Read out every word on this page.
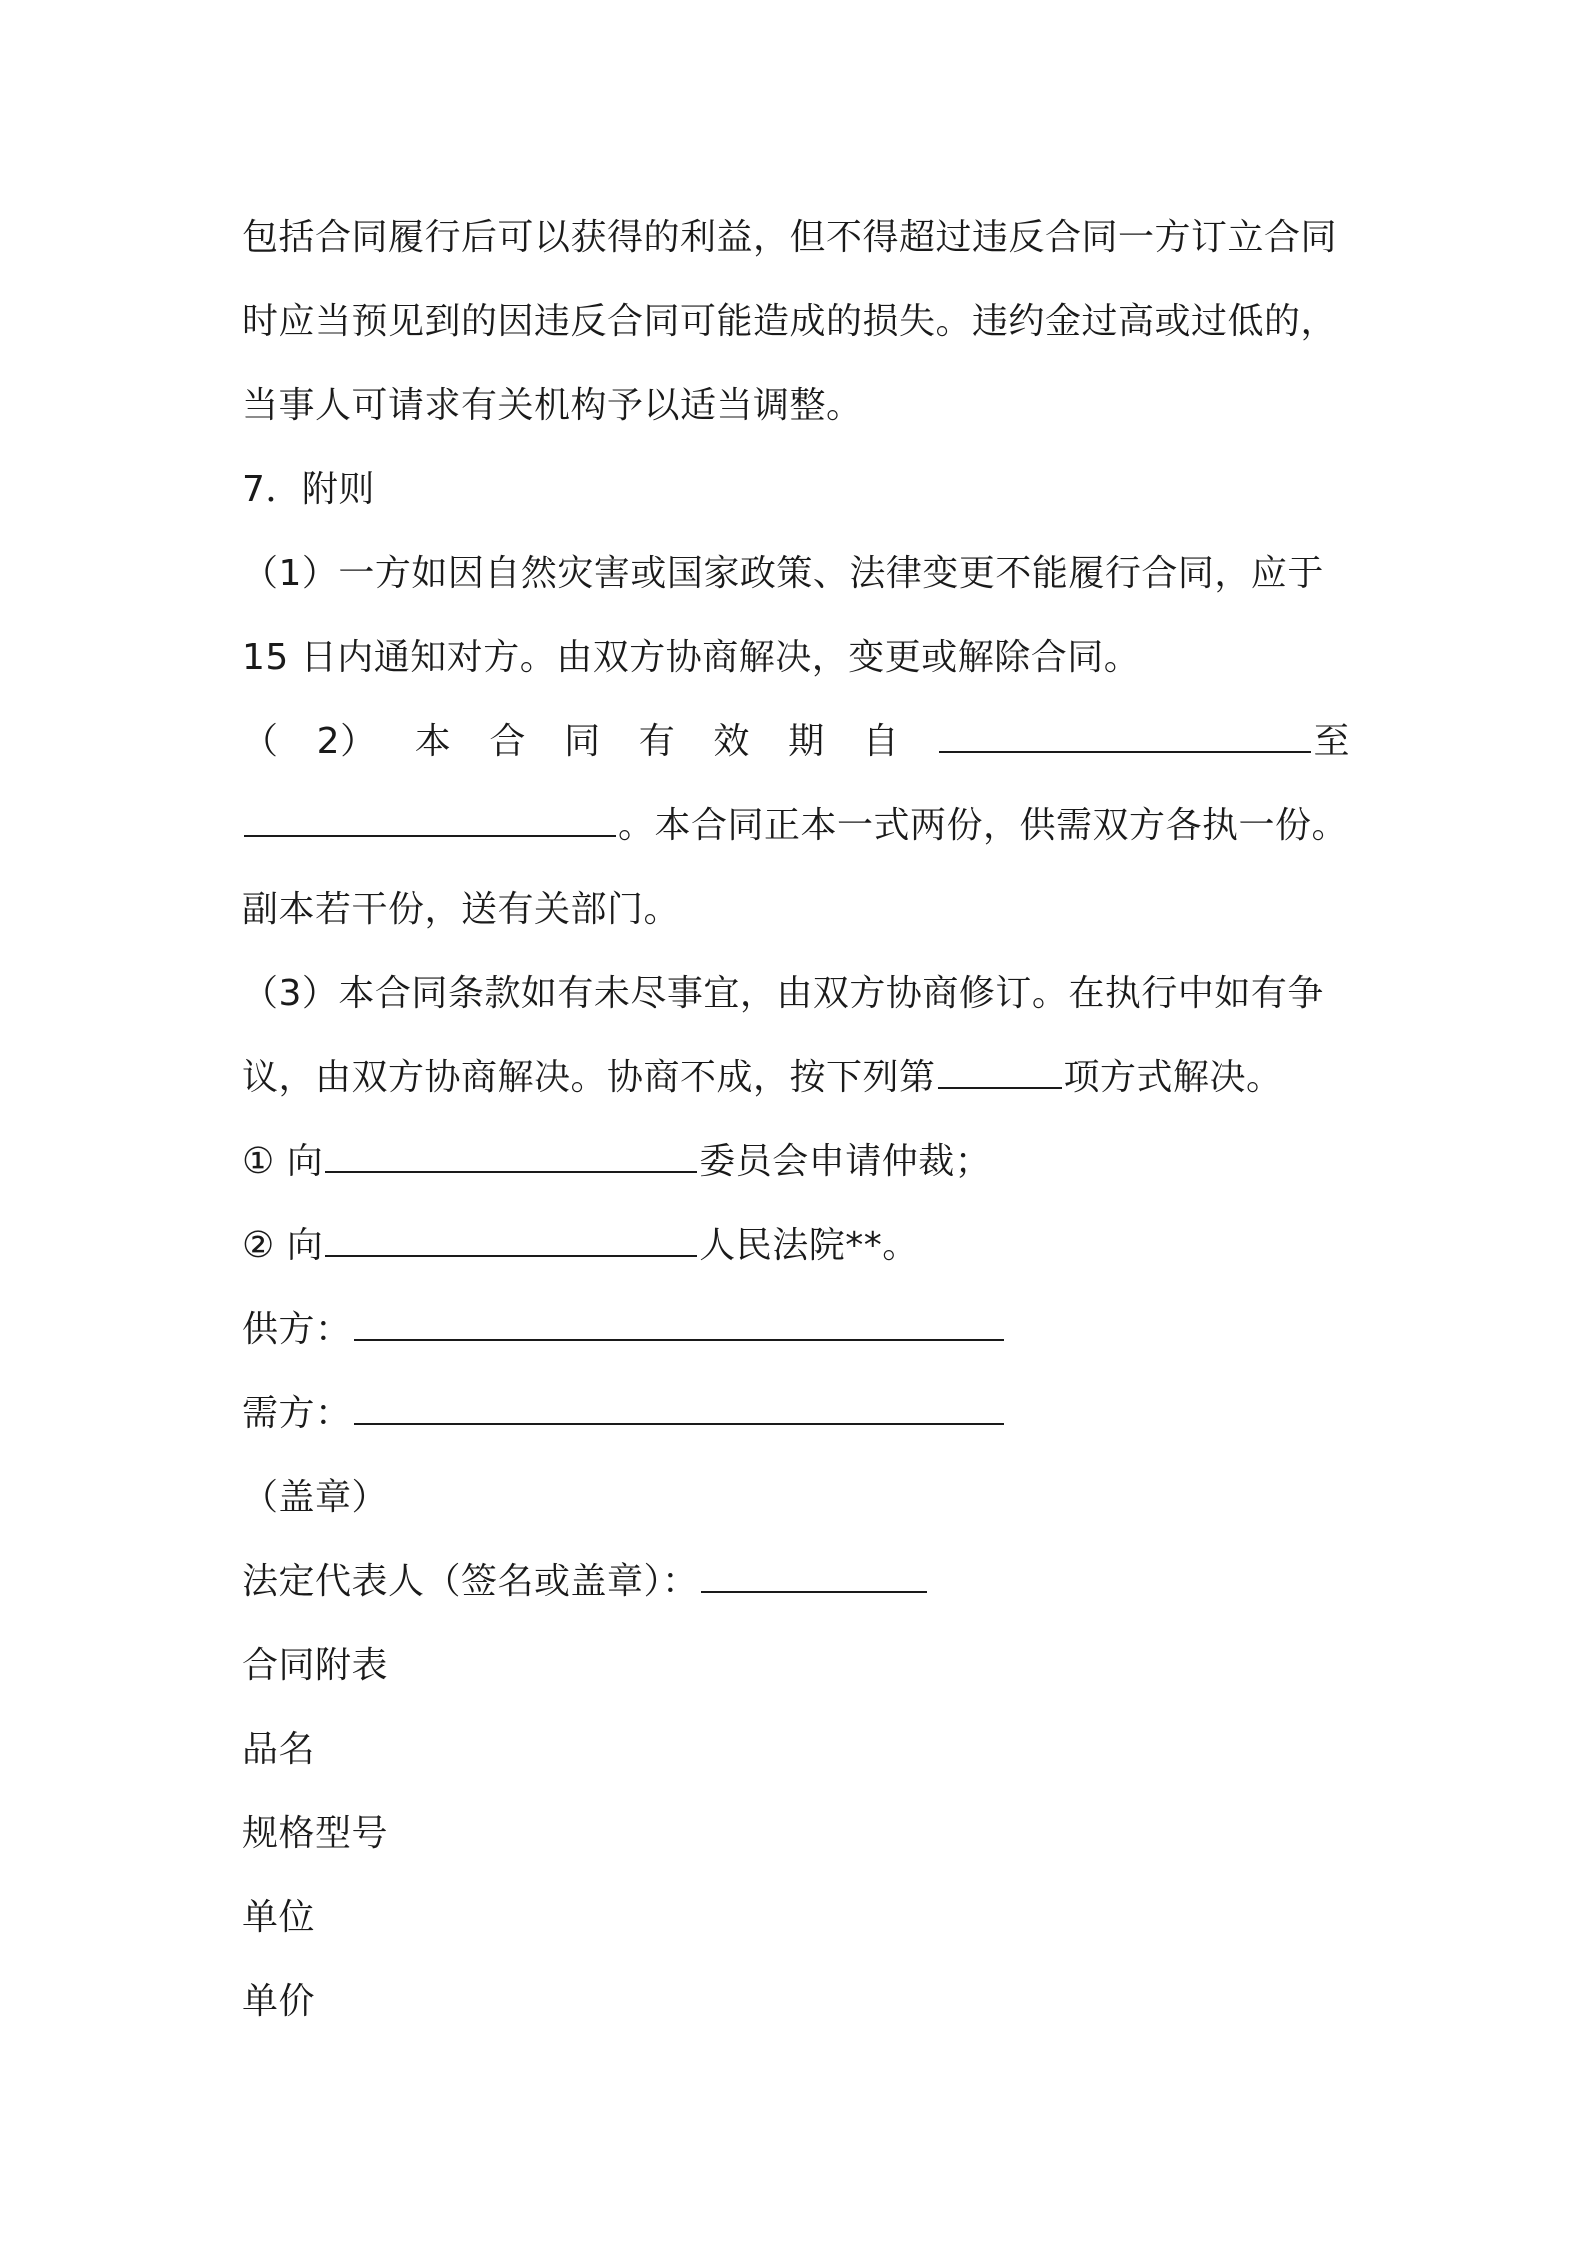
包括合同履行后可以获得的利益，但不得超过违反合同一方订立合同
时应当预见到的因违反合同可能造成的损失。违约金过高或过低的，
当事人可请求有关机构予以适当调整。
7．附则
（1）一方如因自然灾害或国家政策、法律变更不能履行合同，应于
15 日内通知对方。由双方协商解决，变更或解除合同。
（ 2） 本 合 同 有 效 期 自	至
。本合同正本一式两份，供需双方各执一份。
副本若干份，送有关部门。
（3）本合同条款如有未尽事宜，由双方协商修订。在执行中如有争
议，由双方协商解决。协商不成，按下列第	项方式解决。
① 向	委员会申请仲裁；
② 向	人民法院**。
供方：
需方：
（盖章）
法定代表人（签名或盖章）：
合同附表
品名
规格型号
单位
单价
